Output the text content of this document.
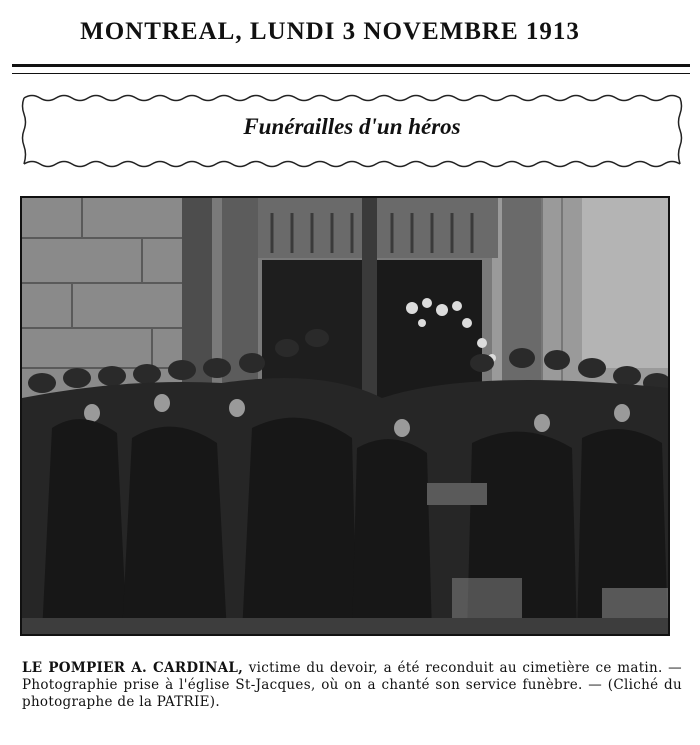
MONTREAL, LUNDI 3 NOVEMBRE 1913
Funérailles d'un héros
LE POMPIER A. CARDINAL, victime du devoir, a été reconduit au cimetière ce matin. — Photographie prise à l'église St-Jacques, où on a chanté son service funèbre. — (Cliché du photographe de la PATRIE).
